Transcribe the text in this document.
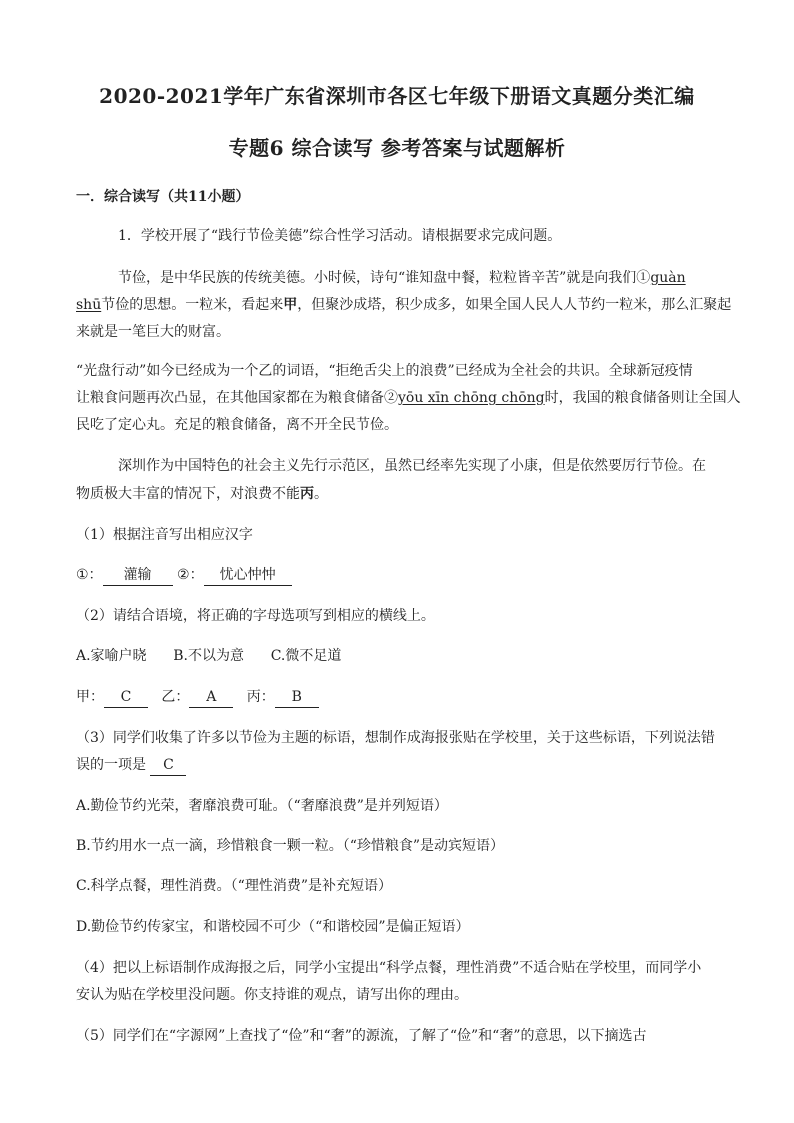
2020-2021学年广东省深圳市各区七年级下册语文真题分类汇编
专题6 综合读写 参考答案与试题解析
一．综合读写（共11小题）
1．学校开展了“践行节俭美德”综合性学习活动。请根据要求完成问题。
节俭，是中华民族的传统美德。小时候，诗句“谁知盘中餐，粒粒皆辛苦”就是向我们①guàn
shū节俭的思想。一粒米，看起来甲，但聚沙成塔，积少成多，如果全国人民人人节约一粒米，那么汇聚起
来就是一笔巨大的财富。
“光盘行动”如今已经成为一个乙的词语，“拒绝舌尖上的浪费”已经成为全社会的共识。全球新冠疫情
让粮食问题再次凸显，在其他国家都在为粮食储备②yōu xīn chōng chōng时，我国的粮食储备则让全国人
民吃了定心丸。充足的粮食储备，离不开全民节俭。
深圳作为中国特色的社会主义先行示范区，虽然已经率先实现了小康，但是依然要厉行节俭。在
物质极大丰富的情况下，对浪费不能丙。
（1）根据注音写出相应汉字
①： 灌输 ②： 忧心忡忡
（2）请结合语境，将正确的字母选项写到相应的横线上。
A.家喻户晓      B.不以为意      C.微不足道
甲： C 乙： A 丙： B
（3）同学们收集了许多以节俭为主题的标语，想制作成海报张贴在学校里，关于这些标语，下列说法错
误的一项是 C
A.勤俭节约光荣，奢靡浪费可耻。（“奢靡浪费”是并列短语）
B.节约用水一点一滴，珍惜粮食一颗一粒。（“珍惜粮食”是动宾短语）
C.科学点餐，理性消费。（“理性消费”是补充短语）
D.勤俭节约传家宝，和谐校园不可少（“和谐校园”是偏正短语）
（4）把以上标语制作成海报之后，同学小宝提出“科学点餐，理性消费”不适合贴在学校里，而同学小
安认为贴在学校里没问题。你支持谁的观点，请写出你的理由。
（5）同学们在“字源网”上查找了“俭”和“奢”的源流，了解了“俭”和“奢”的意思，以下摘选古
